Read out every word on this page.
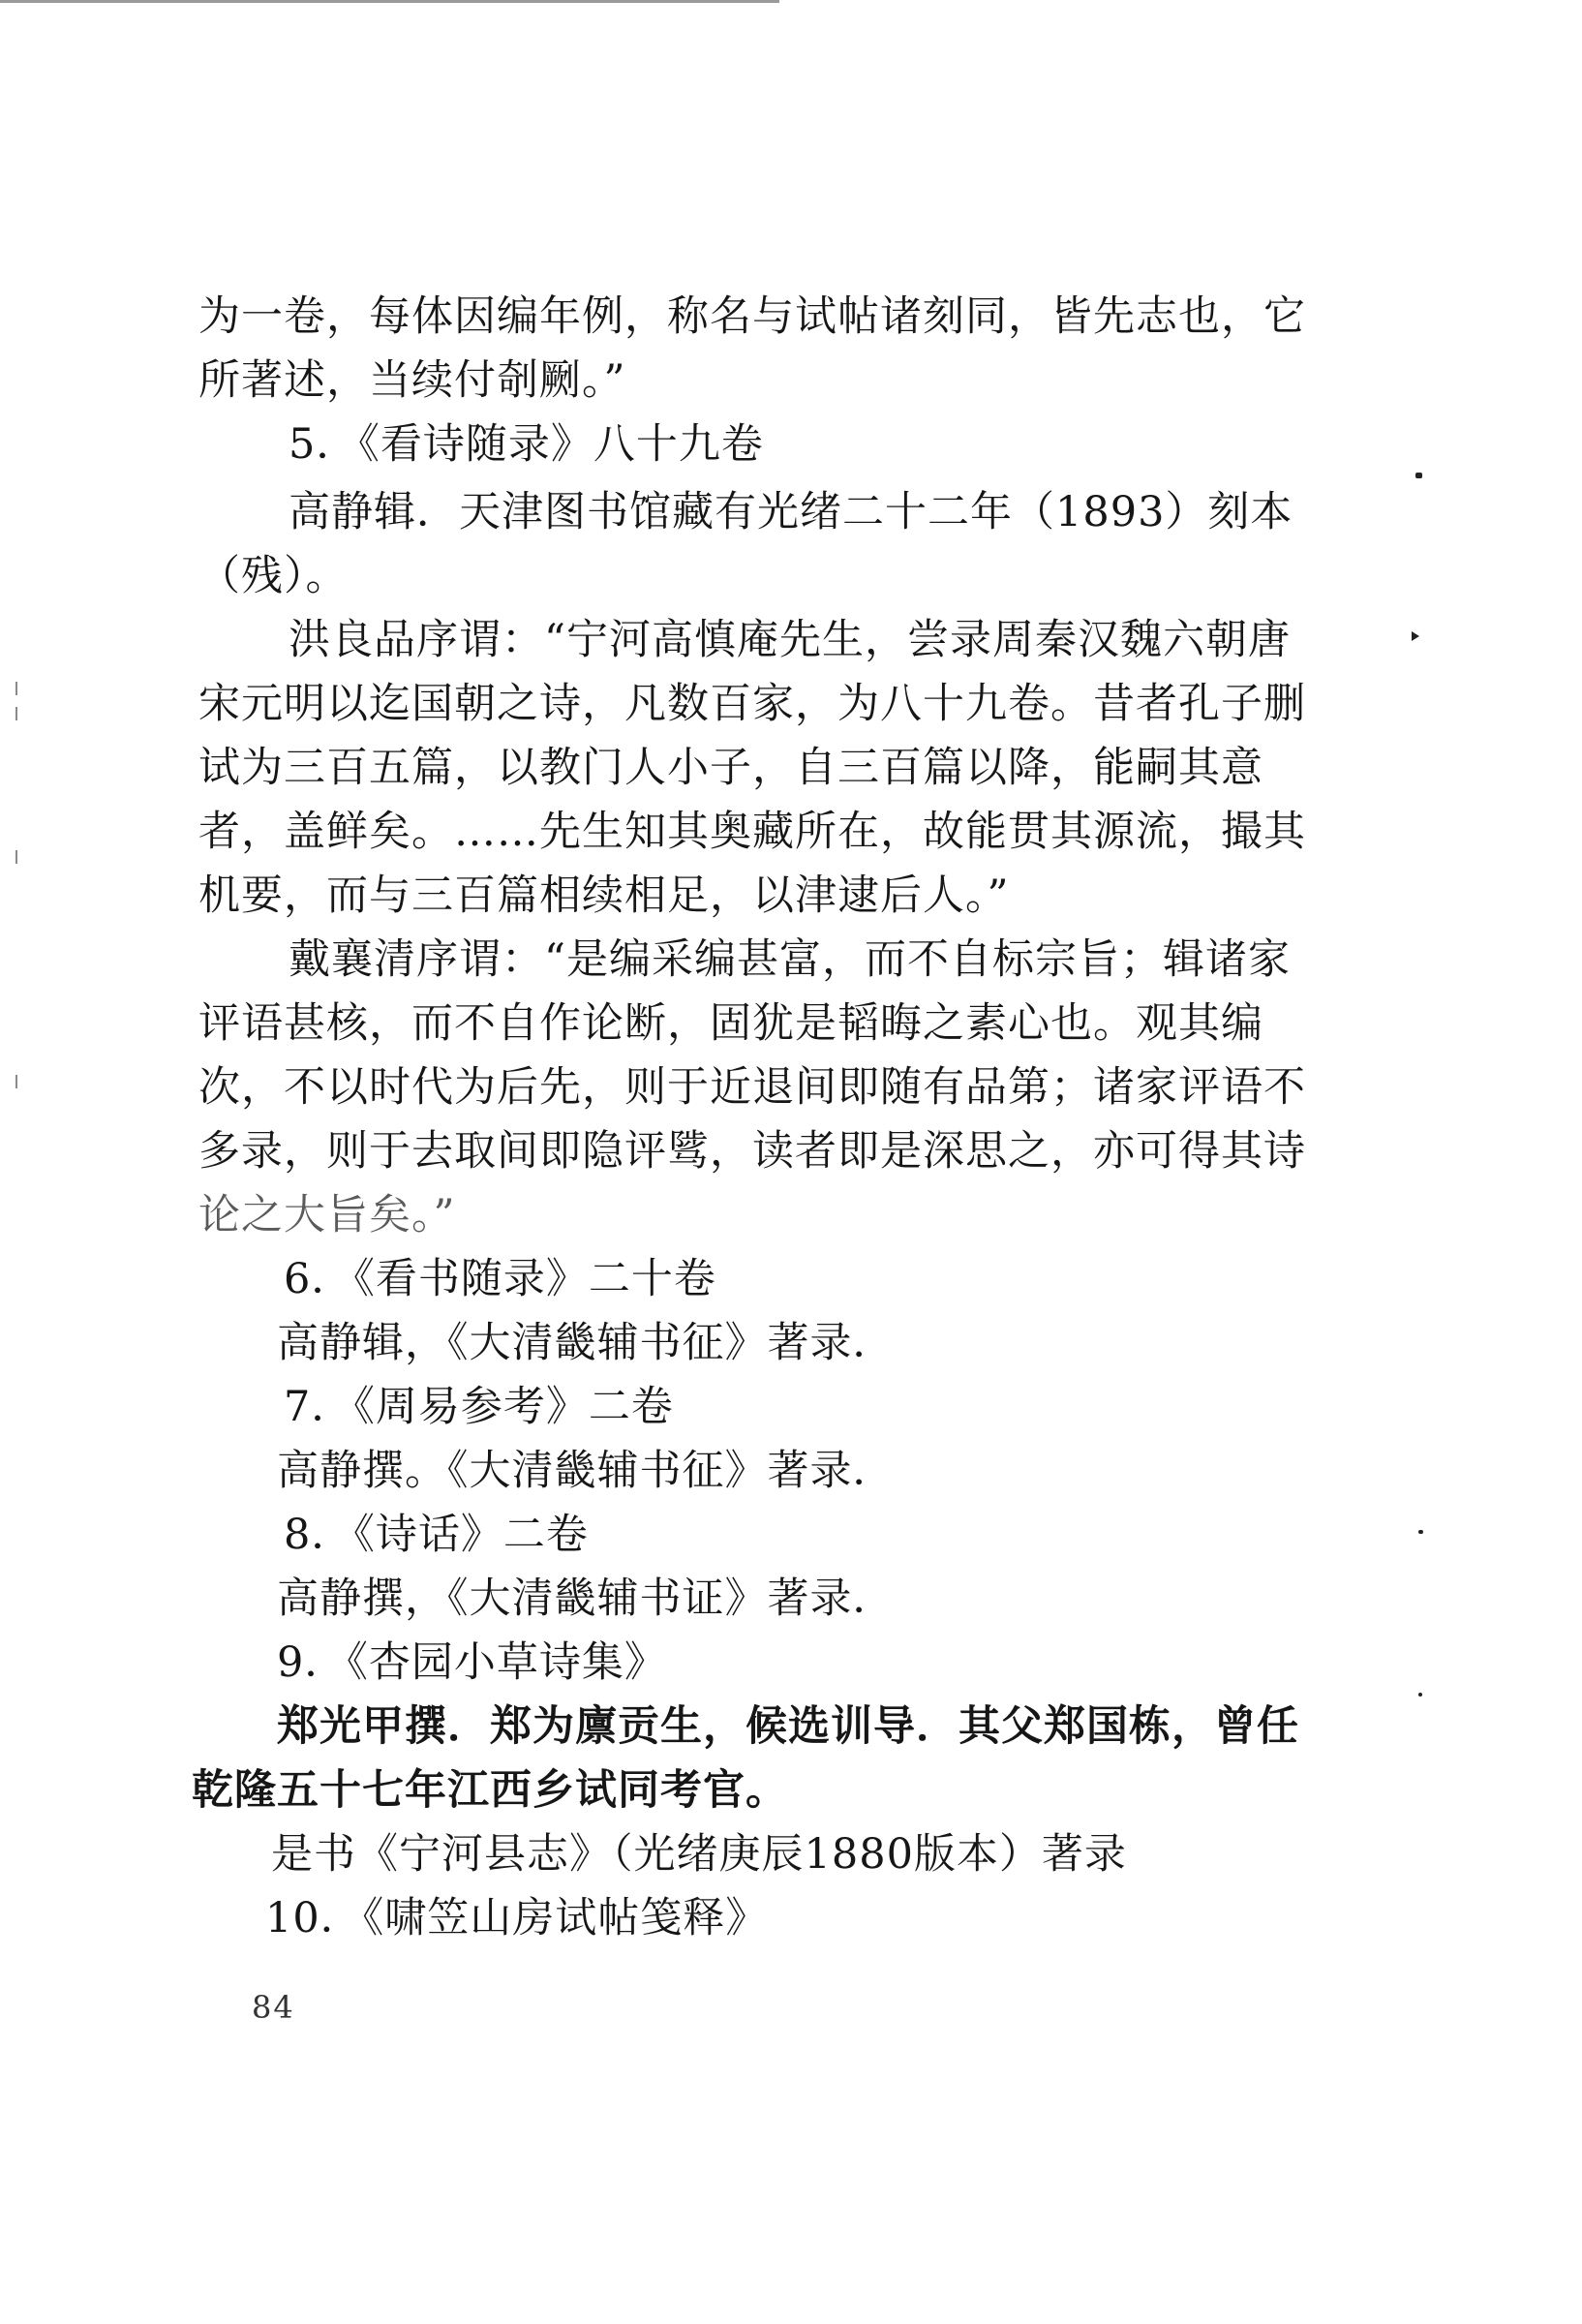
为一卷，每体因编年例，称名与试帖诸刻同，皆先志也，它
所著述，当续付剞劂。”
5．《看诗随录》八十九卷
高静辑．天津图书馆藏有光绪二十二年（1893）刻本
（残）。
洪良品序谓：“宁河高慎庵先生，尝录周秦汉魏六朝唐
宋元明以迄国朝之诗，凡数百家，为八十九卷。昔者孔子删
试为三百五篇，以教门人小子，自三百篇以降，能嗣其意
者，盖鲜矣。……先生知其奥藏所在，故能贯其源流，撮其
机要，而与三百篇相续相足，以津逮后人。”
戴襄清序谓：“是编采编甚富，而不自标宗旨；辑诸家
评语甚核，而不自作论断，固犹是韬晦之素心也。观其编
次，不以时代为后先，则于近退间即随有品第；诸家评语不
多录，则于去取间即隐评骘，读者即是深思之，亦可得其诗
论之大旨矣。”
6．《看书随录》二十卷
高静辑，《大清畿辅书征》著录．
7．《周易参考》二卷
高静撰。《大清畿辅书征》著录．
8．《诗话》二卷
高静撰，《大清畿辅书证》著录．
9．《杏园小草诗集》
郑光甲撰．郑为廪贡生，候选训导．其父郑国栋，曾任
乾隆五十七年江西乡试同考官。
是书《宁河县志》（光绪庚辰1880版本）著录
10．《啸笠山房试帖笺释》
84
